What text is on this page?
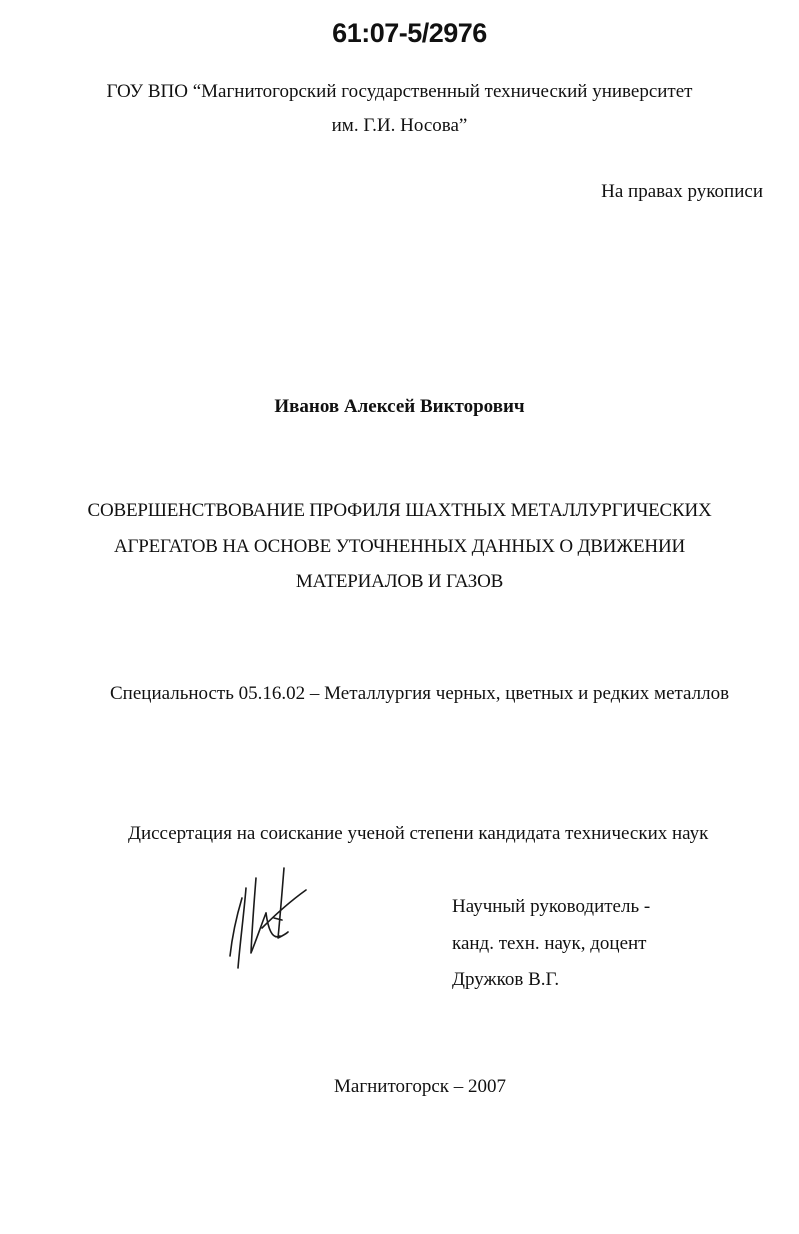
61:07-5/2976
ГОУ ВПО “Магнитогорский государственный технический университет
им. Г.И. Носова”
На правах рукописи
Иванов Алексей Викторович
СОВЕРШЕНСТВОВАНИЕ ПРОФИЛЯ ШАХТНЫХ МЕТАЛЛУРГИЧЕСКИХ
АГРЕГАТОВ НА ОСНОВЕ УТОЧНЕННЫХ ДАННЫХ О ДВИЖЕНИИ
МАТЕРИАЛОВ И ГАЗОВ
Специальность 05.16.02 – Металлургия черных, цветных и редких металлов
Диссертация на соискание ученой степени кандидата технических наук
Научный руководитель -
канд. техн. наук, доцент
Дружков В.Г.
Магнитогорск – 2007
